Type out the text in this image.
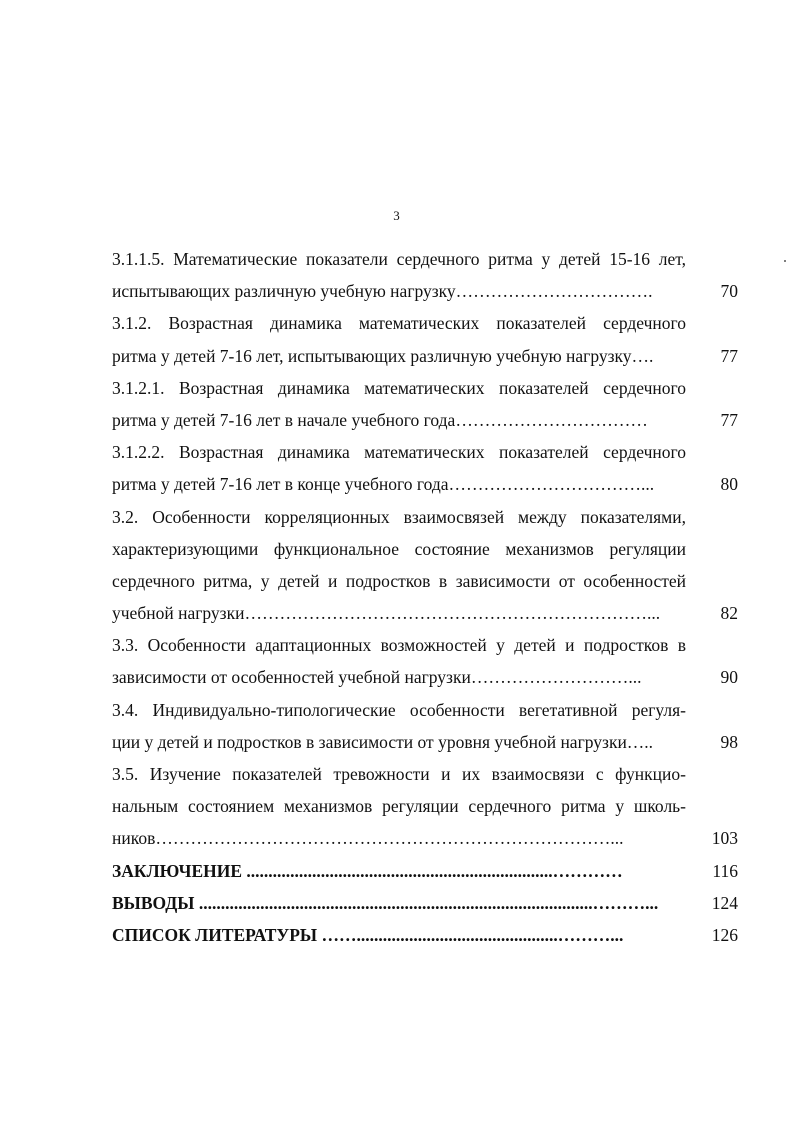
3
3.1.1.5. Математические показатели сердечного ритма у детей 15-16 лет,
испытывающих различную учебную нагрузку…………………………….	70
3.1.2. Возрастная динамика математических показателей сердечного
ритма у детей 7-16 лет, испытывающих различную учебную нагрузку….	77
3.1.2.1. Возрастная динамика математических показателей сердечного
ритма у детей 7-16 лет в начале учебного года……………………………	77
3.1.2.2. Возрастная динамика математических показателей сердечного
ритма у детей 7-16 лет в конце учебного года……………………………...	80
3.2. Особенности корреляционных взаимосвязей между показателями,
характеризующими функциональное состояние механизмов регуляции
сердечного ритма, у детей и подростков в зависимости от особенностей
учебной нагрузки……………………………………………………………...	82
3.3. Особенности адаптационных возможностей у детей и подростков в
зависимости от особенностей учебной нагрузки………………………...	90
3.4. Индивидуально-типологические особенности вегетативной регуля-
ции у детей и подростков в зависимости от уровня учебной нагрузки…..	98
3.5. Изучение показателей тревожности и их взаимосвязи с функцио-
нальным состоянием механизмов регуляции сердечного ритма у школь-
ников……………………………………………………………………...	103
ЗАКЛЮЧЕНИЕ ......................................................................…………	116
ВЫВОДЫ ..........................................................................................………...	124
СПИСОК ЛИТЕРАТУРЫ ……..............................................………...	126
